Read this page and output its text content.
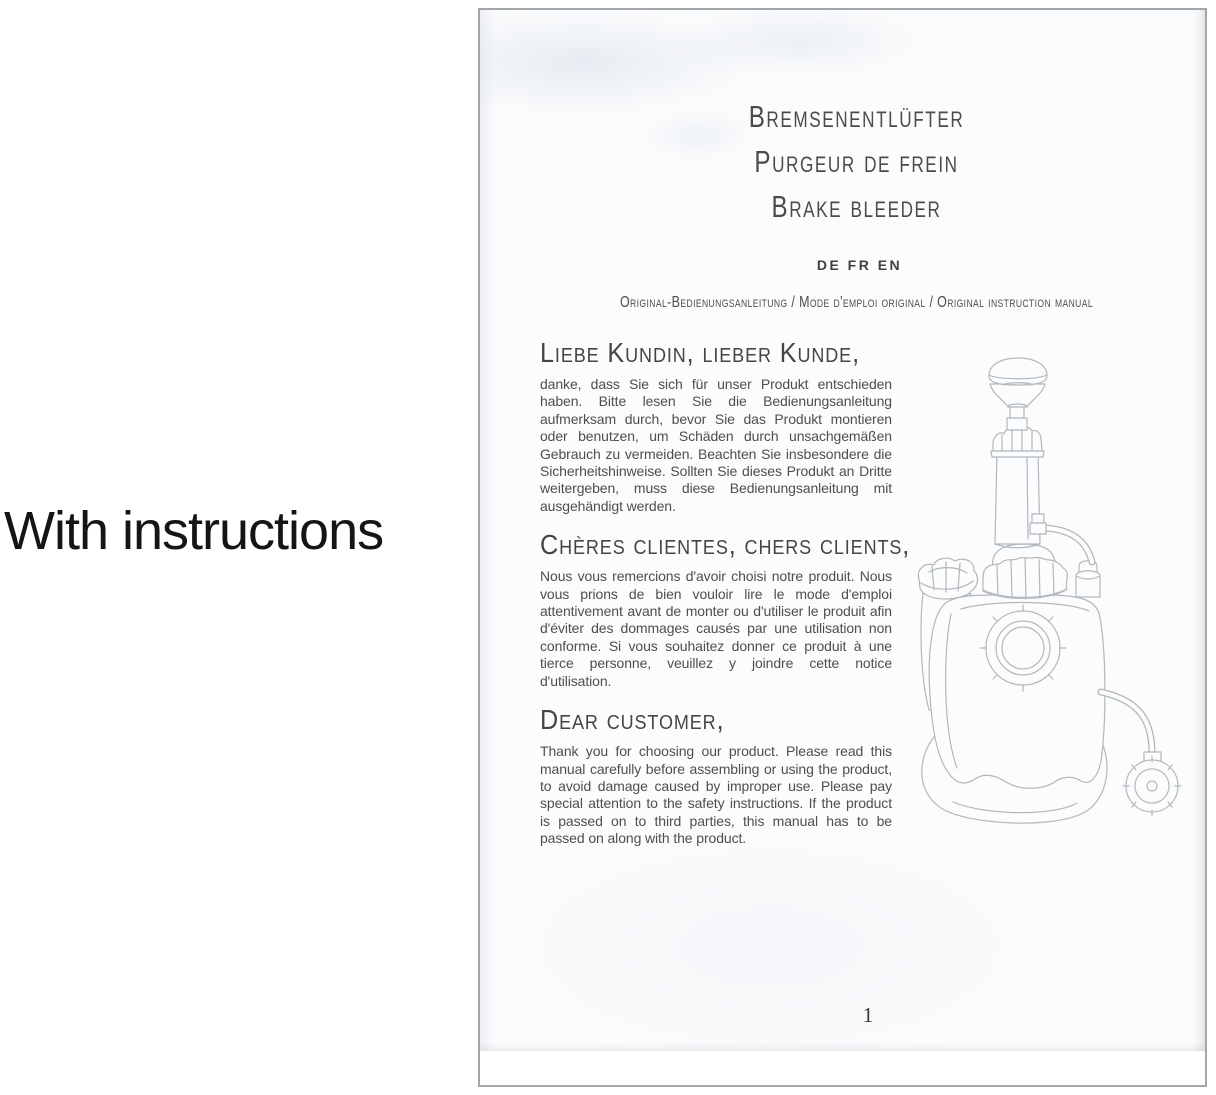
With instructions
Bremsenentlüfter
Purgeur de frein
Brake bleeder
DE FR EN
Original-Bedienungsanleitung / Mode d'emploi original / Original instruction manual
Liebe Kundin, lieber Kunde,

danke, dass Sie sich für unser Produkt entschieden haben. Bitte lesen Sie die Bedienungsanleitung aufmerksam durch, bevor Sie das Produkt montieren oder benutzen, um Schäden durch unsachgemäßen Gebrauch zu vermeiden. Beachten Sie insbesondere die Sicherheitshinweise. Sollten Sie dieses Produkt an Dritte weitergeben, muss diese Bedienungsanleitung mit ausgehändigt werden.

Chères clientes, chers clients,

Nous vous remercions d'avoir choisi notre produit. Nous vous prions de bien vouloir lire le mode d'emploi attentivement avant de monter ou d'utiliser le produit afin d'éviter des dommages causés par une utilisation non conforme. Si vous souhaitez donner ce produit à une tierce personne, veuillez y joindre cette notice d'utilisation.

Dear customer,

Thank you for choosing our product. Please read this manual carefully before assembling or using the product, to avoid damage caused by improper use. Please pay special attention to the safety instructions. If the product is passed on to third parties, this manual has to be passed on along with the product.

1
